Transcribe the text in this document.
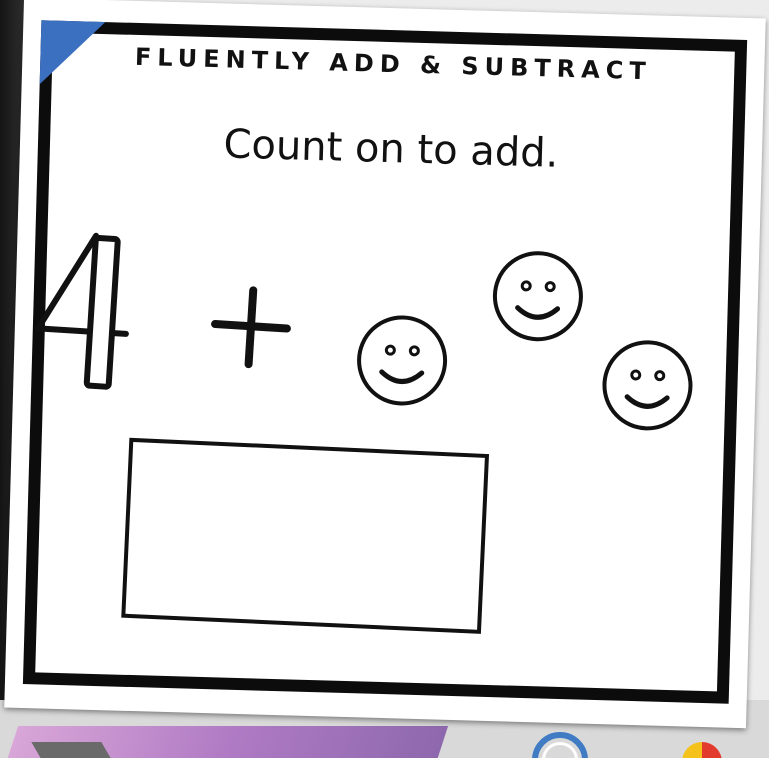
FLUENTLY ADD & SUBTRACT
Count on to add.
